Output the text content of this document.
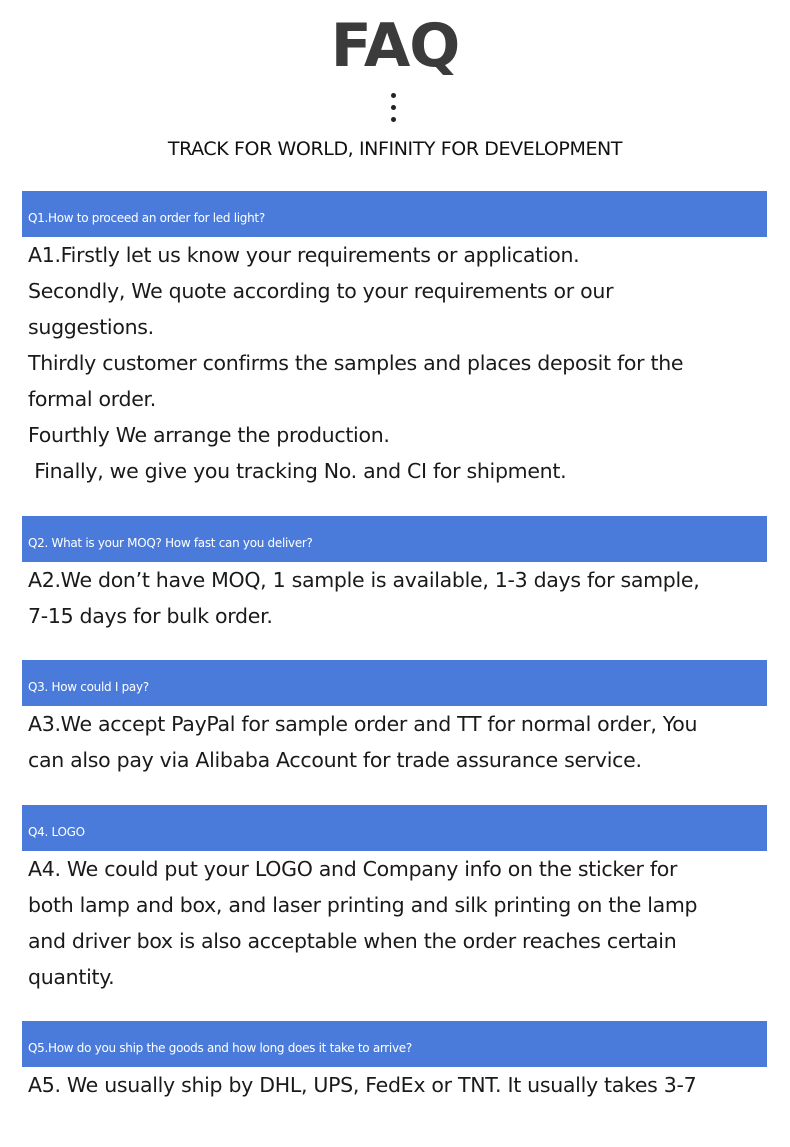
FAQ
TRACK FOR WORLD, INFINITY FOR DEVELOPMENT
Q1.How to proceed an order for led light?
A1.Firstly let us know your requirements or application.
Secondly, We quote according to your requirements or our
suggestions.
Thirdly customer confirms the samples and places deposit for the
formal order.
Fourthly We arrange the production.
Finally, we give you tracking No. and CI for shipment.
Q2. What is your MOQ? How fast can you deliver?
A2.We don’t have MOQ, 1 sample is available, 1-3 days for sample,
7-15 days for bulk order.
Q3. How could I pay?
A3.We accept PayPal for sample order and TT for normal order, You
can also pay via Alibaba Account for trade assurance service.
Q4. LOGO
A4. We could put your LOGO and Company info on the sticker for
both lamp and box, and laser printing and silk printing on the lamp
and driver box is also acceptable when the order reaches certain
quantity.
Q5.How do you ship the goods and how long does it take to arrive?
A5. We usually ship by DHL, UPS, FedEx or TNT. It usually takes 3-7
